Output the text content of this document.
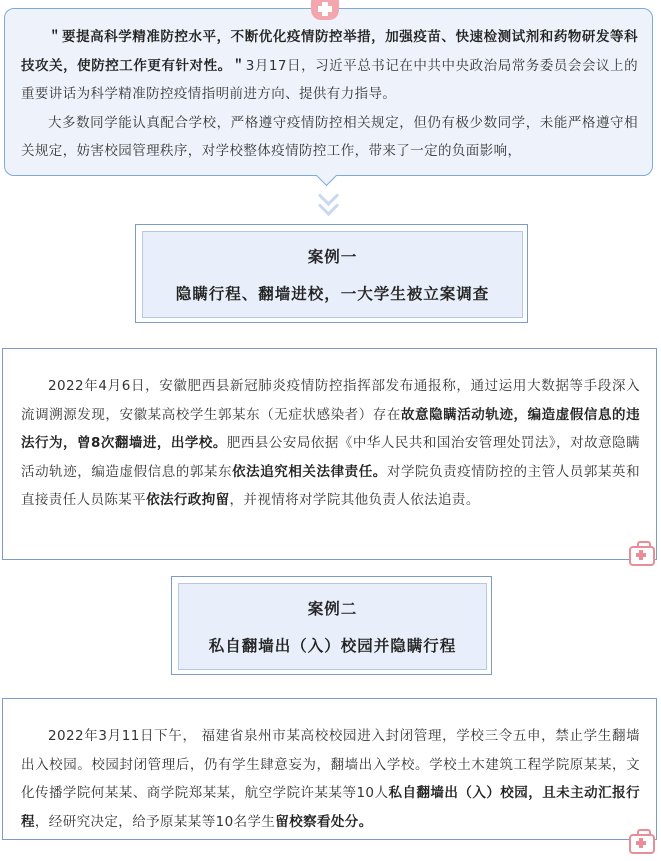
＂要提高科学精准防控水平，不断优化疫情防控举措，加强疫苗、快速检测试剂和药物研发等科技攻关，使防控工作更有针对性。＂3月17日，习近平总书记在中共中央政治局常务委员会会议上的重要讲话为科学精准防控疫情指明前进方向、提供有力指导。

大多数同学能认真配合学校，严格遵守疫情防控相关规定，但仍有极少数同学，未能严格遵守相关规定，妨害校园管理秩序，对学校整体疫情防控工作，带来了一定的负面影响，

案例一
隐瞒行程、翻墙进校，一大学生被立案调查

2022年4月6日，安徽肥西县新冠肺炎疫情防控指挥部发布通报称，通过运用大数据等手段深入流调溯源发现，安徽某高校学生郭某东（无症状感染者）存在故意隐瞒活动轨迹，编造虚假信息的违法行为，曾8次翻墙进，出学校。肥西县公安局依据《中华人民共和国治安管理处罚法》，对故意隐瞒活动轨迹，编造虚假信息的郭某东依法追究相关法律责任。对学院负责疫情防控的主管人员郭某英和直接责任人员陈某平依法行政拘留，并视情将对学院其他负责人依法追责。

案例二
私自翻墙出（入）校园并隐瞒行程

2022年3月11日下午， 福建省泉州市某高校校园进入封闭管理，学校三令五申，禁止学生翻墙出入校园。校园封闭管理后，仍有学生肆意妄为，翻墙出入学校。学校土木建筑工程学院原某某，文化传播学院何某某、商学院郑某某，航空学院许某某等10人私自翻墙出（入）校园，且未主动汇报行程，经研究决定，给予原某某等10名学生留校察看处分。
